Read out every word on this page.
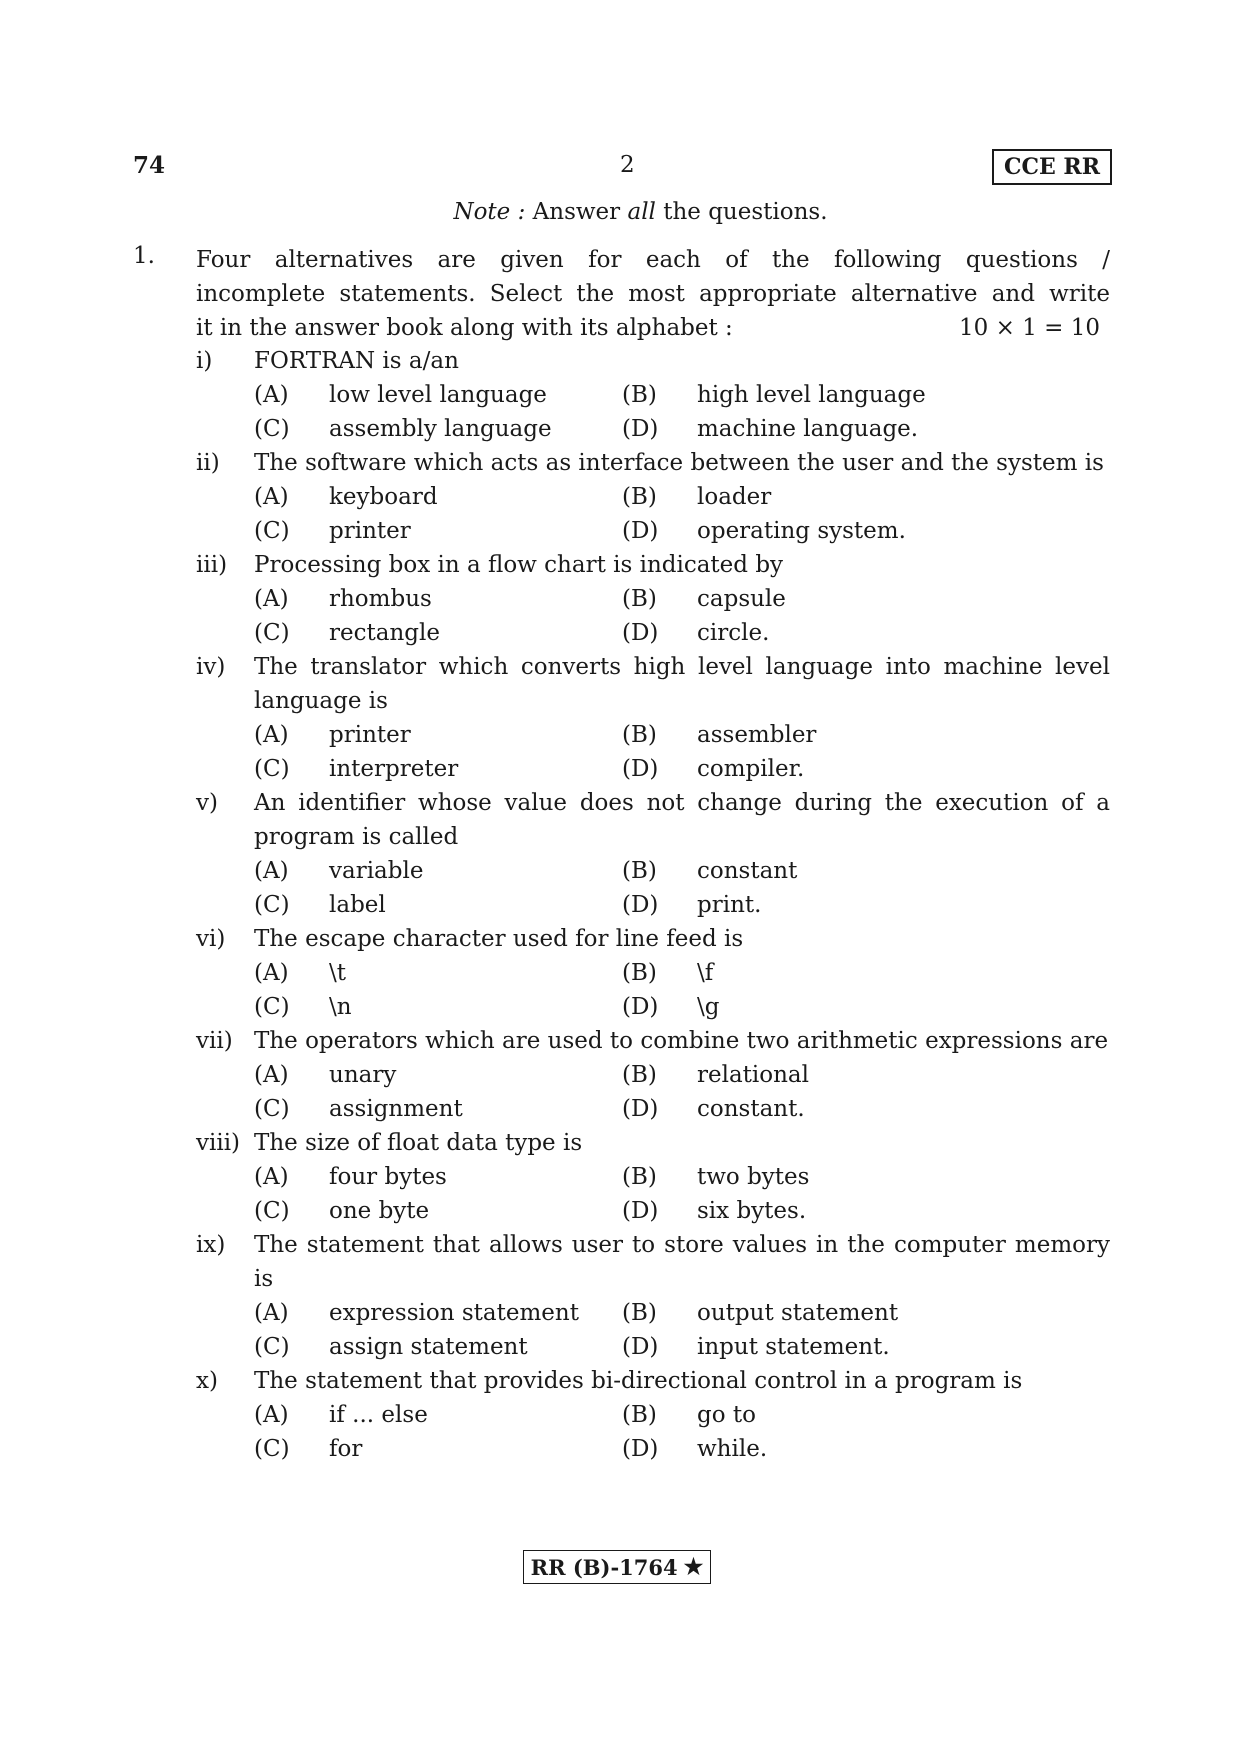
74	2	CCE RR
Note : Answer all the questions.
1. Four alternatives are given for each of the following questions /
incomplete statements. Select the most appropriate alternative and write
it in the answer book along with its alphabet :	10 × 1 = 10
i)	FORTRAN is a/an
(A)	low level language	(B)	high level language
(C)	assembly language	(D)	machine language.
ii)	The software which acts as interface between the user and the system is
(A)	keyboard	(B)	loader
(C)	printer	(D)	operating system.
iii)	Processing box in a flow chart is indicated by
(A)	rhombus	(B)	capsule
(C)	rectangle	(D)	circle.
iv)	The translator which converts high level language into machine level language is
(A)	printer	(B)	assembler
(C)	interpreter	(D)	compiler.
v)	An identifier whose value does not change during the execution of a program is called
(A)	variable	(B)	constant
(C)	label	(D)	print.
vi)	The escape character used for line feed is
(A)	\t	(B)	\f
(C)	\n	(D)	\g
vii) The operators which are used to combine two arithmetic expressions are
(A)	unary	(B)	relational
(C)	assignment	(D)	constant.
viii) The size of float data type is
(A)	four bytes	(B)	two bytes
(C)	one byte	(D)	six bytes.
ix)	The statement that allows user to store values in the computer memory is
(A)	expression statement	(B)	output statement
(C)	assign statement	(D)	input statement.
x)	The statement that provides bi-directional control in a program is
(A)	if ... else	(B)	go to
(C)	for	(D)	while.
RR (B)-1764 ★
